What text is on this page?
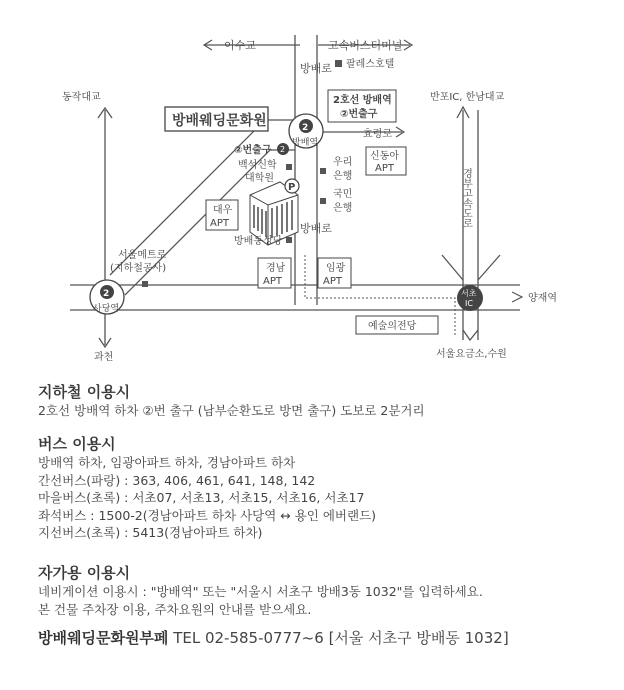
이수교	고속버스터미널
방배로
방배로
동작대교
양재역
과천
효령로
반포IC, 한남대교
서울요금소,수원
경부고속도로
방배웨딩문화원
2호선 방배역
②번출구
팔레스호텔
2
방배역
②번출구 2
백석신학
대학원
P
우리
은행
국민
은행
신동아
APT
대우
APT
방배동성당
서울메트로
(지하철공사)	경남
APT
임광
APT
예술의전당
2
사당역
서초
IC

지하철 이용시

2호선 방배역 하차 ②번 출구 (남부순환도로 방면 출구) 도보로 2분거리

버스 이용시

방배역 하차, 임광아파트 하차, 경남아파트 하차

간선버스(파랑) : 363, 406, 461, 641, 148, 142

마을버스(초록) : 서초07, 서초13, 서초15, 서초16, 서초17

좌석버스 : 1500-2(경남아파트 하차 사당역 ↔ 용인 에버랜드)

지선버스(초록) : 5413(경남아파트 하차)

자가용 이용시

네비게이션 이용시 : "방배역" 또는 "서울시 서초구 방배3동 1032"를 입력하세요.

본 건물 주차장 이용, 주차요원의 안내를 받으세요.

방배웨딩문화원부페 TEL 02-585-0777~6 [서울 서초구 방배동 1032]
